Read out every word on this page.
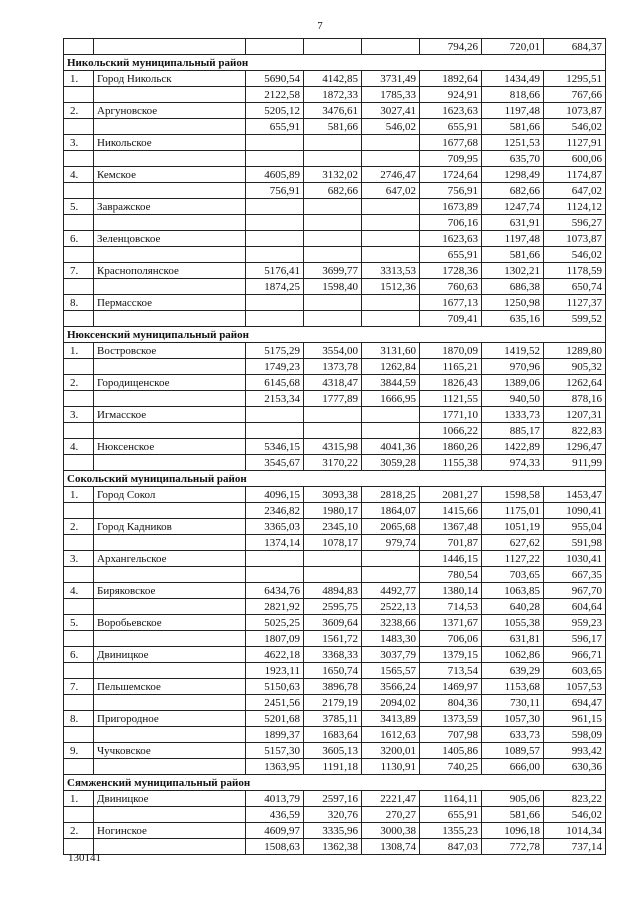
7
					794,26	720,01	684,37
Никольский муниципальный район							
1.	Город Никольск	5690,54	4142,85	3731,49	1892,64	1434,49	1295,51
		2122,58	1872,33	1785,33	924,91	818,66	767,66
2.	Аргуновское	5205,12	3476,61	3027,41	1623,63	1197,48	1073,87
		655,91	581,66	546,02	655,91	581,66	546,02
3.	Никольское				1677,68	1251,53	1127,91
					709,95	635,70	600,06
4.	Кемское	4605,89	3132,02	2746,47	1724,64	1298,49	1174,87
		756,91	682,66	647,02	756,91	682,66	647,02
5.	Завражское				1673,89	1247,74	1124,12
					706,16	631,91	596,27
6.	Зеленцовское				1623,63	1197,48	1073,87
					655,91	581,66	546,02
7.	Краснополянское	5176,41	3699,77	3313,53	1728,36	1302,21	1178,59
		1874,25	1598,40	1512,36	760,63	686,38	650,74
8.	Пермасское				1677,13	1250,98	1127,37
					709,41	635,16	599,52
Нюксенский муниципальный район							
1.	Востровское	5175,29	3554,00	3131,60	1870,09	1419,52	1289,80
		1749,23	1373,78	1262,84	1165,21	970,96	905,32
2.	Городищенское	6145,68	4318,47	3844,59	1826,43	1389,06	1262,64
		2153,34	1777,89	1666,95	1121,55	940,50	878,16
3.	Игмасское				1771,10	1333,73	1207,31
					1066,22	885,17	822,83
4.	Нюксенское	5346,15	4315,98	4041,36	1860,26	1422,89	1296,47
		3545,67	3170,22	3059,28	1155,38	974,33	911,99
Сокольский муниципальный район							
1.	Город Сокол	4096,15	3093,38	2818,25	2081,27	1598,58	1453,47
		2346,82	1980,17	1864,07	1415,66	1175,01	1090,41
2.	Город Кадников	3365,03	2345,10	2065,68	1367,48	1051,19	955,04
		1374,14	1078,17	979,74	701,87	627,62	591,98
3.	Архангельское				1446,15	1127,22	1030,41
					780,54	703,65	667,35
4.	Биряковское	6434,76	4894,83	4492,77	1380,14	1063,85	967,70
		2821,92	2595,75	2522,13	714,53	640,28	604,64
5.	Воробьевское	5025,25	3609,64	3238,66	1371,67	1055,38	959,23
		1807,09	1561,72	1483,30	706,06	631,81	596,17
6.	Двиницкое	4622,18	3368,33	3037,79	1379,15	1062,86	966,71
		1923,11	1650,74	1565,57	713,54	639,29	603,65
7.	Пельшемское	5150,63	3896,78	3566,24	1469,97	1153,68	1057,53
		2451,56	2179,19	2094,02	804,36	730,11	694,47
8.	Пригородное	5201,68	3785,11	3413,89	1373,59	1057,30	961,15
		1899,37	1683,64	1612,63	707,98	633,73	598,09
9.	Чучковское	5157,30	3605,13	3200,01	1405,86	1089,57	993,42
		1363,95	1191,18	1130,91	740,25	666,00	630,36
Сямженский муниципальный район							
1.	Двиницкое	4013,79	2597,16	2221,47	1164,11	905,06	823,22
		436,59	320,76	270,27	655,91	581,66	546,02
2.	Ногинское	4609,97	3335,96	3000,38	1355,23	1096,18	1014,34
		1508,63	1362,38	1308,74	847,03	772,78	737,14
130141
